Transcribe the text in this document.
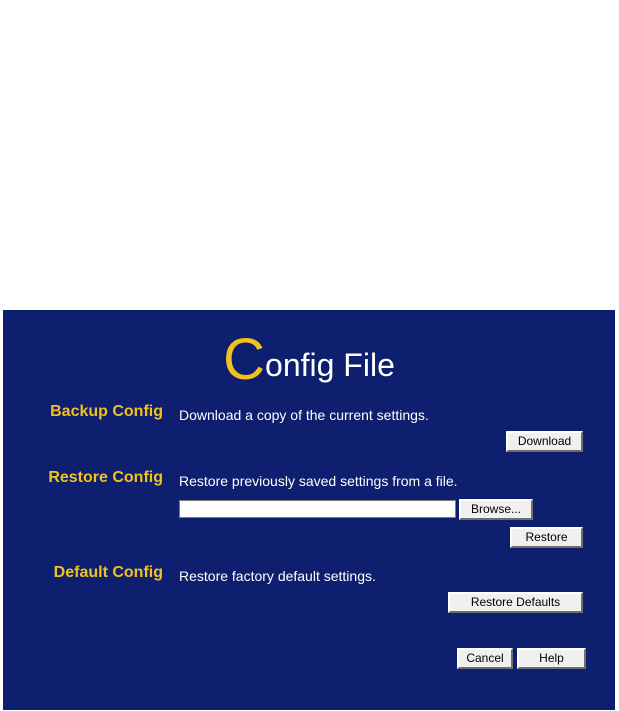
Config File
Backup Config Download a copy of the current settings.
Download
Restore Config Restore previously saved settings from a file.
Browse...
Restore
Default Config Restore factory default settings.
Restore Defaults
Cancel	Help
